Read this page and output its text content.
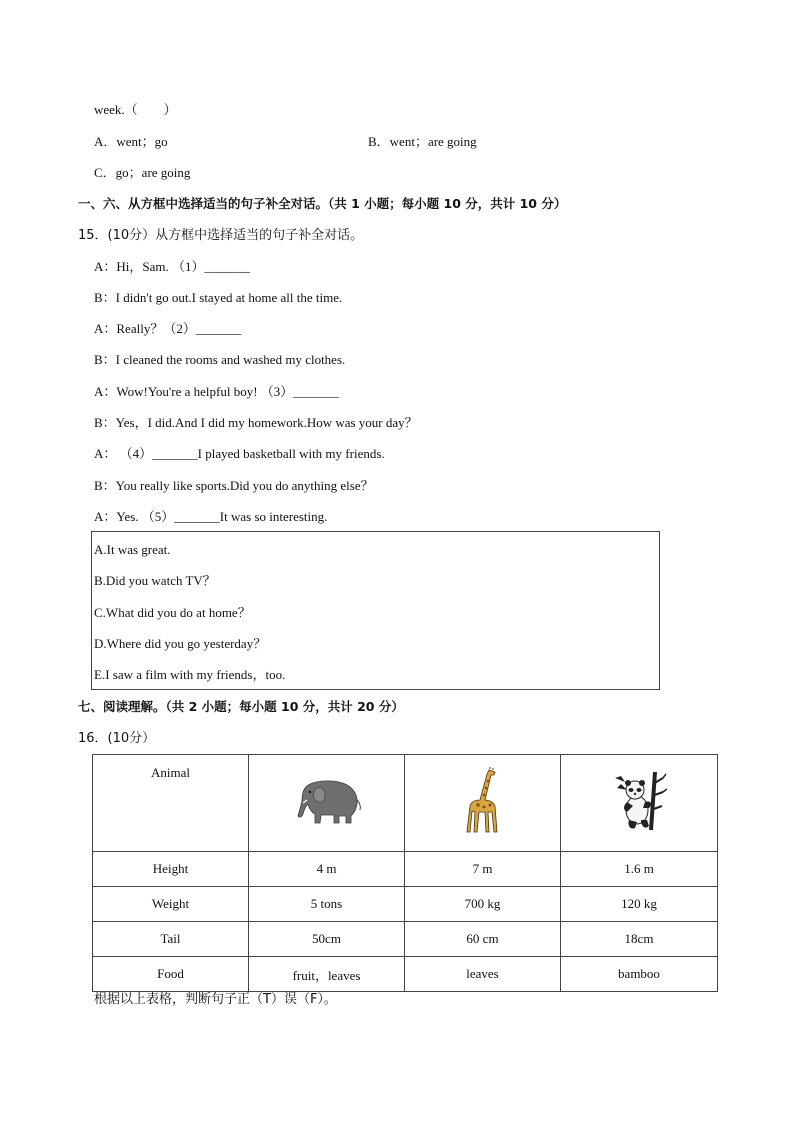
week.（　　）
A．went；go	B．went；are going
C．go；are going
一、六、从方框中选择适当的句子补全对话。（共 1 小题；每小题 10 分，共计 10 分）
15．(10分）从方框中选择适当的句子补全对话。
A：Hi，Sam. （1）_______
B：I didn't go out.I stayed at home all the time.
A：Really？（2）_______
B：I cleaned the rooms and washed my clothes.
A：Wow!You're a helpful boy! （3）_______
B：Yes，I did.And I did my homework.How was your day？
A： （4）_______I played basketball with my friends.
B：You really like sports.Did you do anything else？
A：Yes. （5）_______It was so interesting.
A.It was great.
B.Did you watch TV？
C.What did you do at home？
D.Where did you go yesterday？
E.I saw a film with my friends，too.
七、阅读理解。（共 2 小题；每小题 10 分，共计 20 分）
16．(10分）
Animal			
Height	4 m	7 m	1.6 m
Weight	5 tons	700 kg	120 kg
Tail	50cm	60 cm	18cm
Food	fruit，leaves	leaves	bamboo
根据以上表格，判断句子正（T）误（F）。
